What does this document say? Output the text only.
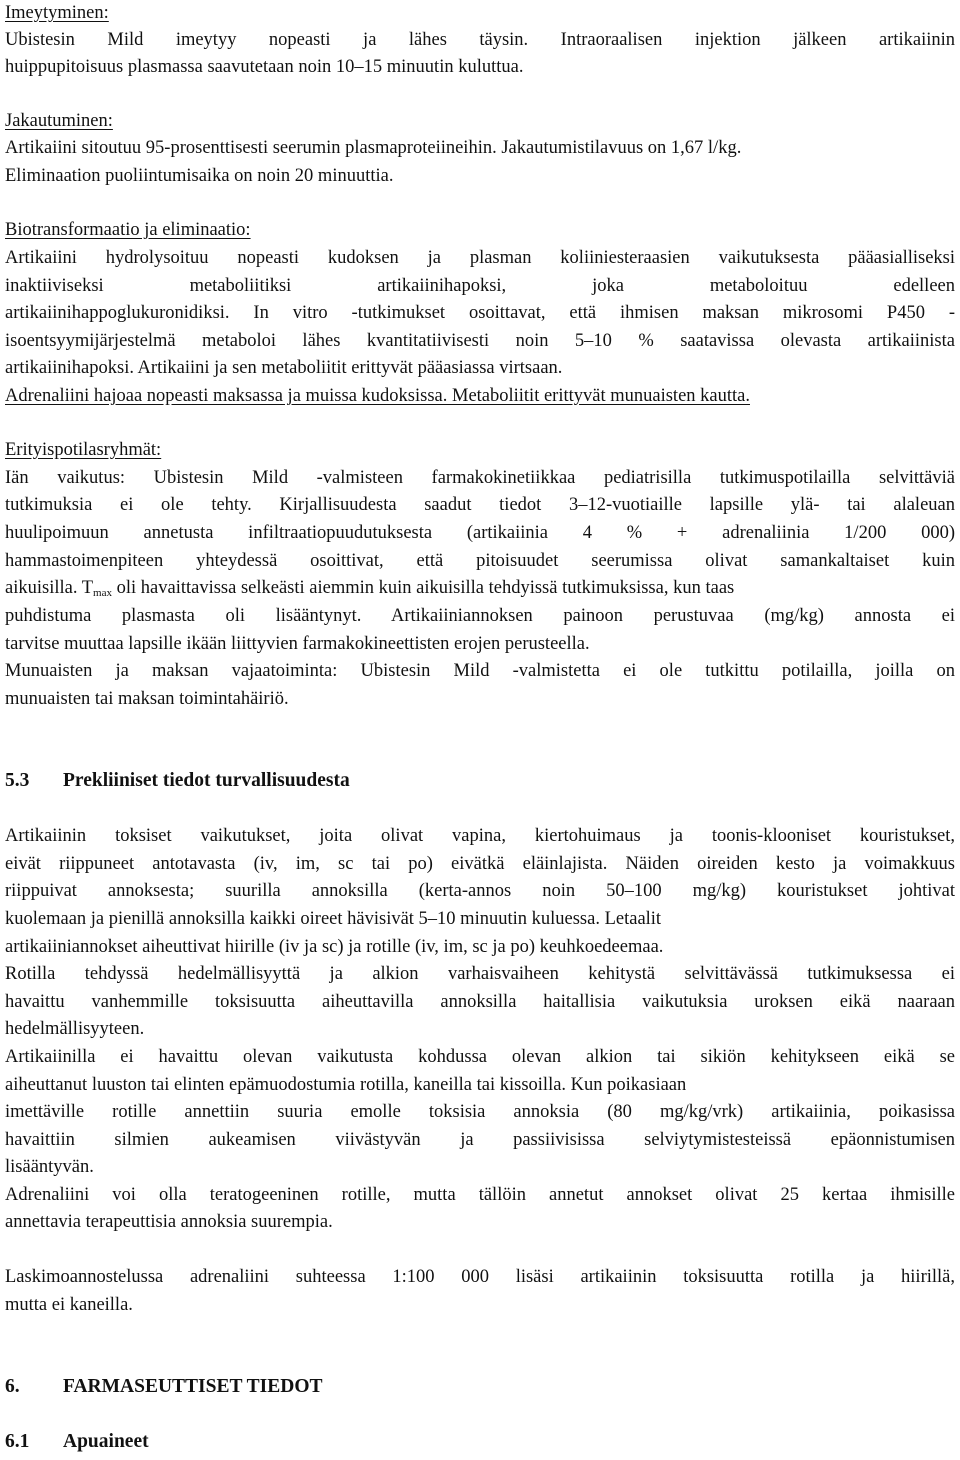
Imeytyminen:
Ubistesin Mild imeytyy nopeasti ja lähes täysin. Intraoraalisen injektion jälkeen artikaiinin
huippupitoisuus plasmassa saavutetaan noin 10–15 minuutin kuluttua.
Jakautuminen:
Artikaiini sitoutuu 95-prosenttisesti seerumin plasmaproteiineihin. Jakautumistilavuus on 1,67 l/kg.
Eliminaation puoliintumisaika on noin 20 minuuttia.
Biotransformaatio ja eliminaatio:
Artikaiini hydrolysoituu nopeasti kudoksen ja plasman koliiniesteraasien vaikutuksesta pääasialliseksi
inaktiiviseksi metaboliitiksi artikaiinihapoksi, joka metaboloituu edelleen
artikaiinihappoglukuronidiksi. In vitro -tutkimukset osoittavat, että ihmisen maksan mikrosomi P450 -
isoentsyymijärjestelmä metaboloi lähes kvantitatiivisesti noin 5–10 % saatavissa olevasta artikaiinista
artikaiinihapoksi. Artikaiini ja sen metaboliitit erittyvät pääasiassa virtsaan.
Adrenaliini hajoaa nopeasti maksassa ja muissa kudoksissa. Metaboliitit erittyvät munuaisten kautta.
Erityispotilasryhmät:
Iän vaikutus: Ubistesin Mild -valmisteen farmakokinetiikkaa pediatrisilla tutkimuspotilailla selvittäviä
tutkimuksia ei ole tehty. Kirjallisuudesta saadut tiedot 3–12-vuotiaille lapsille ylä- tai alaleuan
huulipoimuun annetusta infiltraatiopuudutuksesta (artikaiinia 4 % + adrenaliinia 1/200 000)
hammastoimenpiteen yhteydessä osoittivat, että pitoisuudet seerumissa olivat samankaltaiset kuin
aikuisilla. $T_{max}$ oli havaittavissa selkeästi aiemmin kuin aikuisilla tehdyissä tutkimuksissa, kun taas
puhdistuma plasmasta oli lisääntynyt. Artikaiiniannoksen painoon perustuvaa (mg/kg) annosta ei
tarvitse muuttaa lapsille ikään liittyvien farmakokineettisten erojen perusteella.
Munuaisten ja maksan vajaatoiminta: Ubistesin Mild -valmistetta ei ole tutkittu potilailla, joilla on
munuaisten tai maksan toimintahäiriö.
5.3 Prekliiniset tiedot turvallisuudesta
Artikaiinin toksiset vaikutukset, joita olivat vapina, kiertohuimaus ja toonis-klooniset kouristukset,
eivät riippuneet antotavasta (iv, im, sc tai po) eivätkä eläinlajista. Näiden oireiden kesto ja voimakkuus
riippuivat annoksesta; suurilla annoksilla (kerta-annos noin 50–100 mg/kg) kouristukset johtivat
kuolemaan ja pienillä annoksilla kaikki oireet hävisivät 5–10 minuutin kuluessa. Letaalit
artikaiiniannokset aiheuttivat hiirille (iv ja sc) ja rotille (iv, im, sc ja po) keuhkoedeemaa.
Rotilla tehdyssä hedelmällisyyttä ja alkion varhaisvaiheen kehitystä selvittävässä tutkimuksessa ei
havaittu vanhemmille toksisuutta aiheuttavilla annoksilla haitallisia vaikutuksia uroksen eikä naaraan
hedelmällisyyteen.
Artikaiinilla ei havaittu olevan vaikutusta kohdussa olevan alkion tai sikiön kehitykseen eikä se
aiheuttanut luuston tai elinten epämuodostumia rotilla, kaneilla tai kissoilla. Kun poikasiaan
imettäville rotille annettiin suuria emolle toksisia annoksia (80 mg/kg/vrk) artikaiinia, poikasissa
havaittiin silmien aukeamisen viivästyvän ja passiivisissa selviytymistesteissä epäonnistumisen
lisääntyvän.
Adrenaliini voi olla teratogeeninen rotille, mutta tällöin annetut annokset olivat 25 kertaa ihmisille
annettavia terapeuttisia annoksia suurempia.
Laskimoannostelussa adrenaliini suhteessa 1:100 000 lisäsi artikaiinin toksisuutta rotilla ja hiirillä,
mutta ei kaneilla.
6. FARMASEUTTISET TIEDOT
6.1 Apuaineet
